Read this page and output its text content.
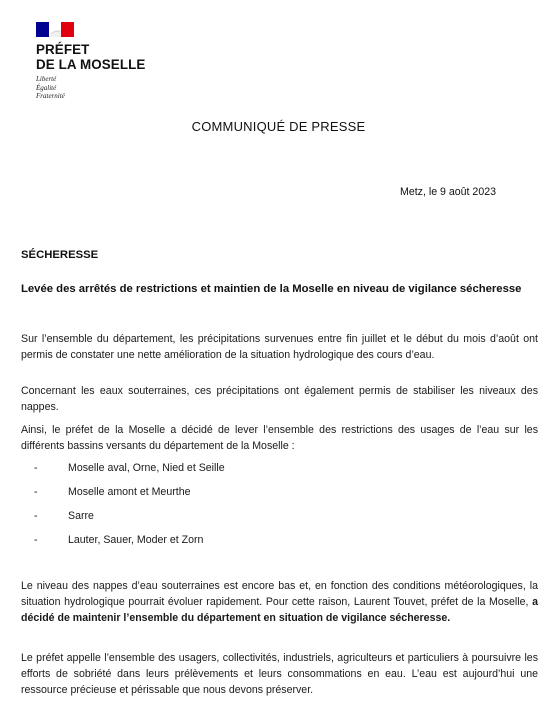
PRÉFET
DE LA MOSELLE
Liberté
Égalité
Fraternité
COMMUNIQUÉ DE PRESSE
Metz, le 9 août 2023
SÉCHERESSE
Levée des arrêtés de restrictions et maintien de la Moselle en niveau de vigilance sécheresse

Sur l’ensemble du département, les précipitations survenues entre fin juillet et le début du mois d’août ont permis de constater une nette amélioration de la situation hydrologique des cours d’eau.

Concernant les eaux souterraines, ces précipitations ont également permis de stabiliser les niveaux des nappes.

Ainsi, le préfet de la Moselle a décidé de lever l’ensemble des restrictions des usages de l’eau sur les différents bassins versants du département de la Moselle :

-	Moselle aval, Orne, Nied et Seille
-	Moselle amont et Meurthe
-	Sarre
-	Lauter, Sauer, Moder et Zorn

Le niveau des nappes d’eau souterraines est encore bas et, en fonction des conditions météorologiques, la situation hydrologique pourrait évoluer rapidement. Pour cette raison, Laurent Touvet, préfet de la Moselle, a décidé de maintenir l’ensemble du département en situation de vigilance sécheresse.

Le préfet appelle l’ensemble des usagers, collectivités, industriels, agriculteurs et particuliers à poursuivre les efforts de sobriété dans leurs prélèvements et leurs consommations en eau. L’eau est aujourd’hui une ressource précieuse et périssable que nous devons préserver.
